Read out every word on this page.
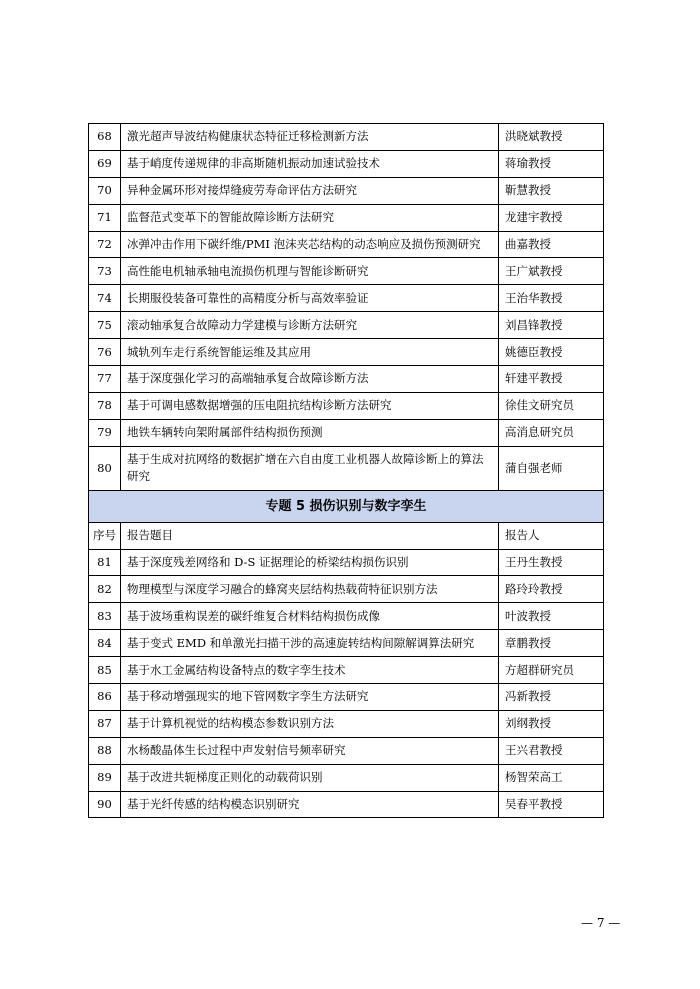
68	激光超声导波结构健康状态特征迁移检测新方法	洪晓斌教授
69	基于峭度传递规律的非高斯随机振动加速试验技术	蒋瑜教授
70	异种金属环形对接焊缝疲劳寿命评估方法研究	靳慧教授
71	监督范式变革下的智能故障诊断方法研究	龙建宇教授
72	冰弹冲击作用下碳纤维/PMI 泡沫夹芯结构的动态响应及损伤预测研究	曲嘉教授
73	高性能电机轴承轴电流损伤机理与智能诊断研究	王广斌教授
74	长期服役装备可靠性的高精度分析与高效率验证	王治华教授
75	滚动轴承复合故障动力学建模与诊断方法研究	刘昌锋教授
76	城轨列车走行系统智能运维及其应用	姚德臣教授
77	基于深度强化学习的高端轴承复合故障诊断方法	轩建平教授
78	基于可调电感数据增强的压电阻抗结构诊断方法研究	徐佳文研究员
79	地铁车辆转向架附属部件结构损伤预测	高消息研究员
80	基于生成对抗网络的数据扩增在六自由度工业机器人故障诊断上的算法研究	蒲自强老师
专题 5 损伤识别与数字孪生		
序号	报告题目	报告人
81	基于深度残差网络和 D-S 证据理论的桥梁结构损伤识别	王丹生教授
82	物理模型与深度学习融合的蜂窝夹层结构热载荷特征识别方法	路玲玲教授
83	基于波场重构误差的碳纤维复合材料结构损伤成像	叶波教授
84	基于变式 EMD 和单激光扫描干涉的高速旋转结构间隙解调算法研究	章鹏教授
85	基于水工金属结构设备特点的数字孪生技术	方超群研究员
86	基于移动增强现实的地下管网数字孪生方法研究	冯新教授
87	基于计算机视觉的结构模态参数识别方法	刘纲教授
88	水杨酸晶体生长过程中声发射信号频率研究	王兴君教授
89	基于改进共轭梯度正则化的动载荷识别	杨智荣高工
90	基于光纤传感的结构模态识别研究	吴春平教授
— 7 —
